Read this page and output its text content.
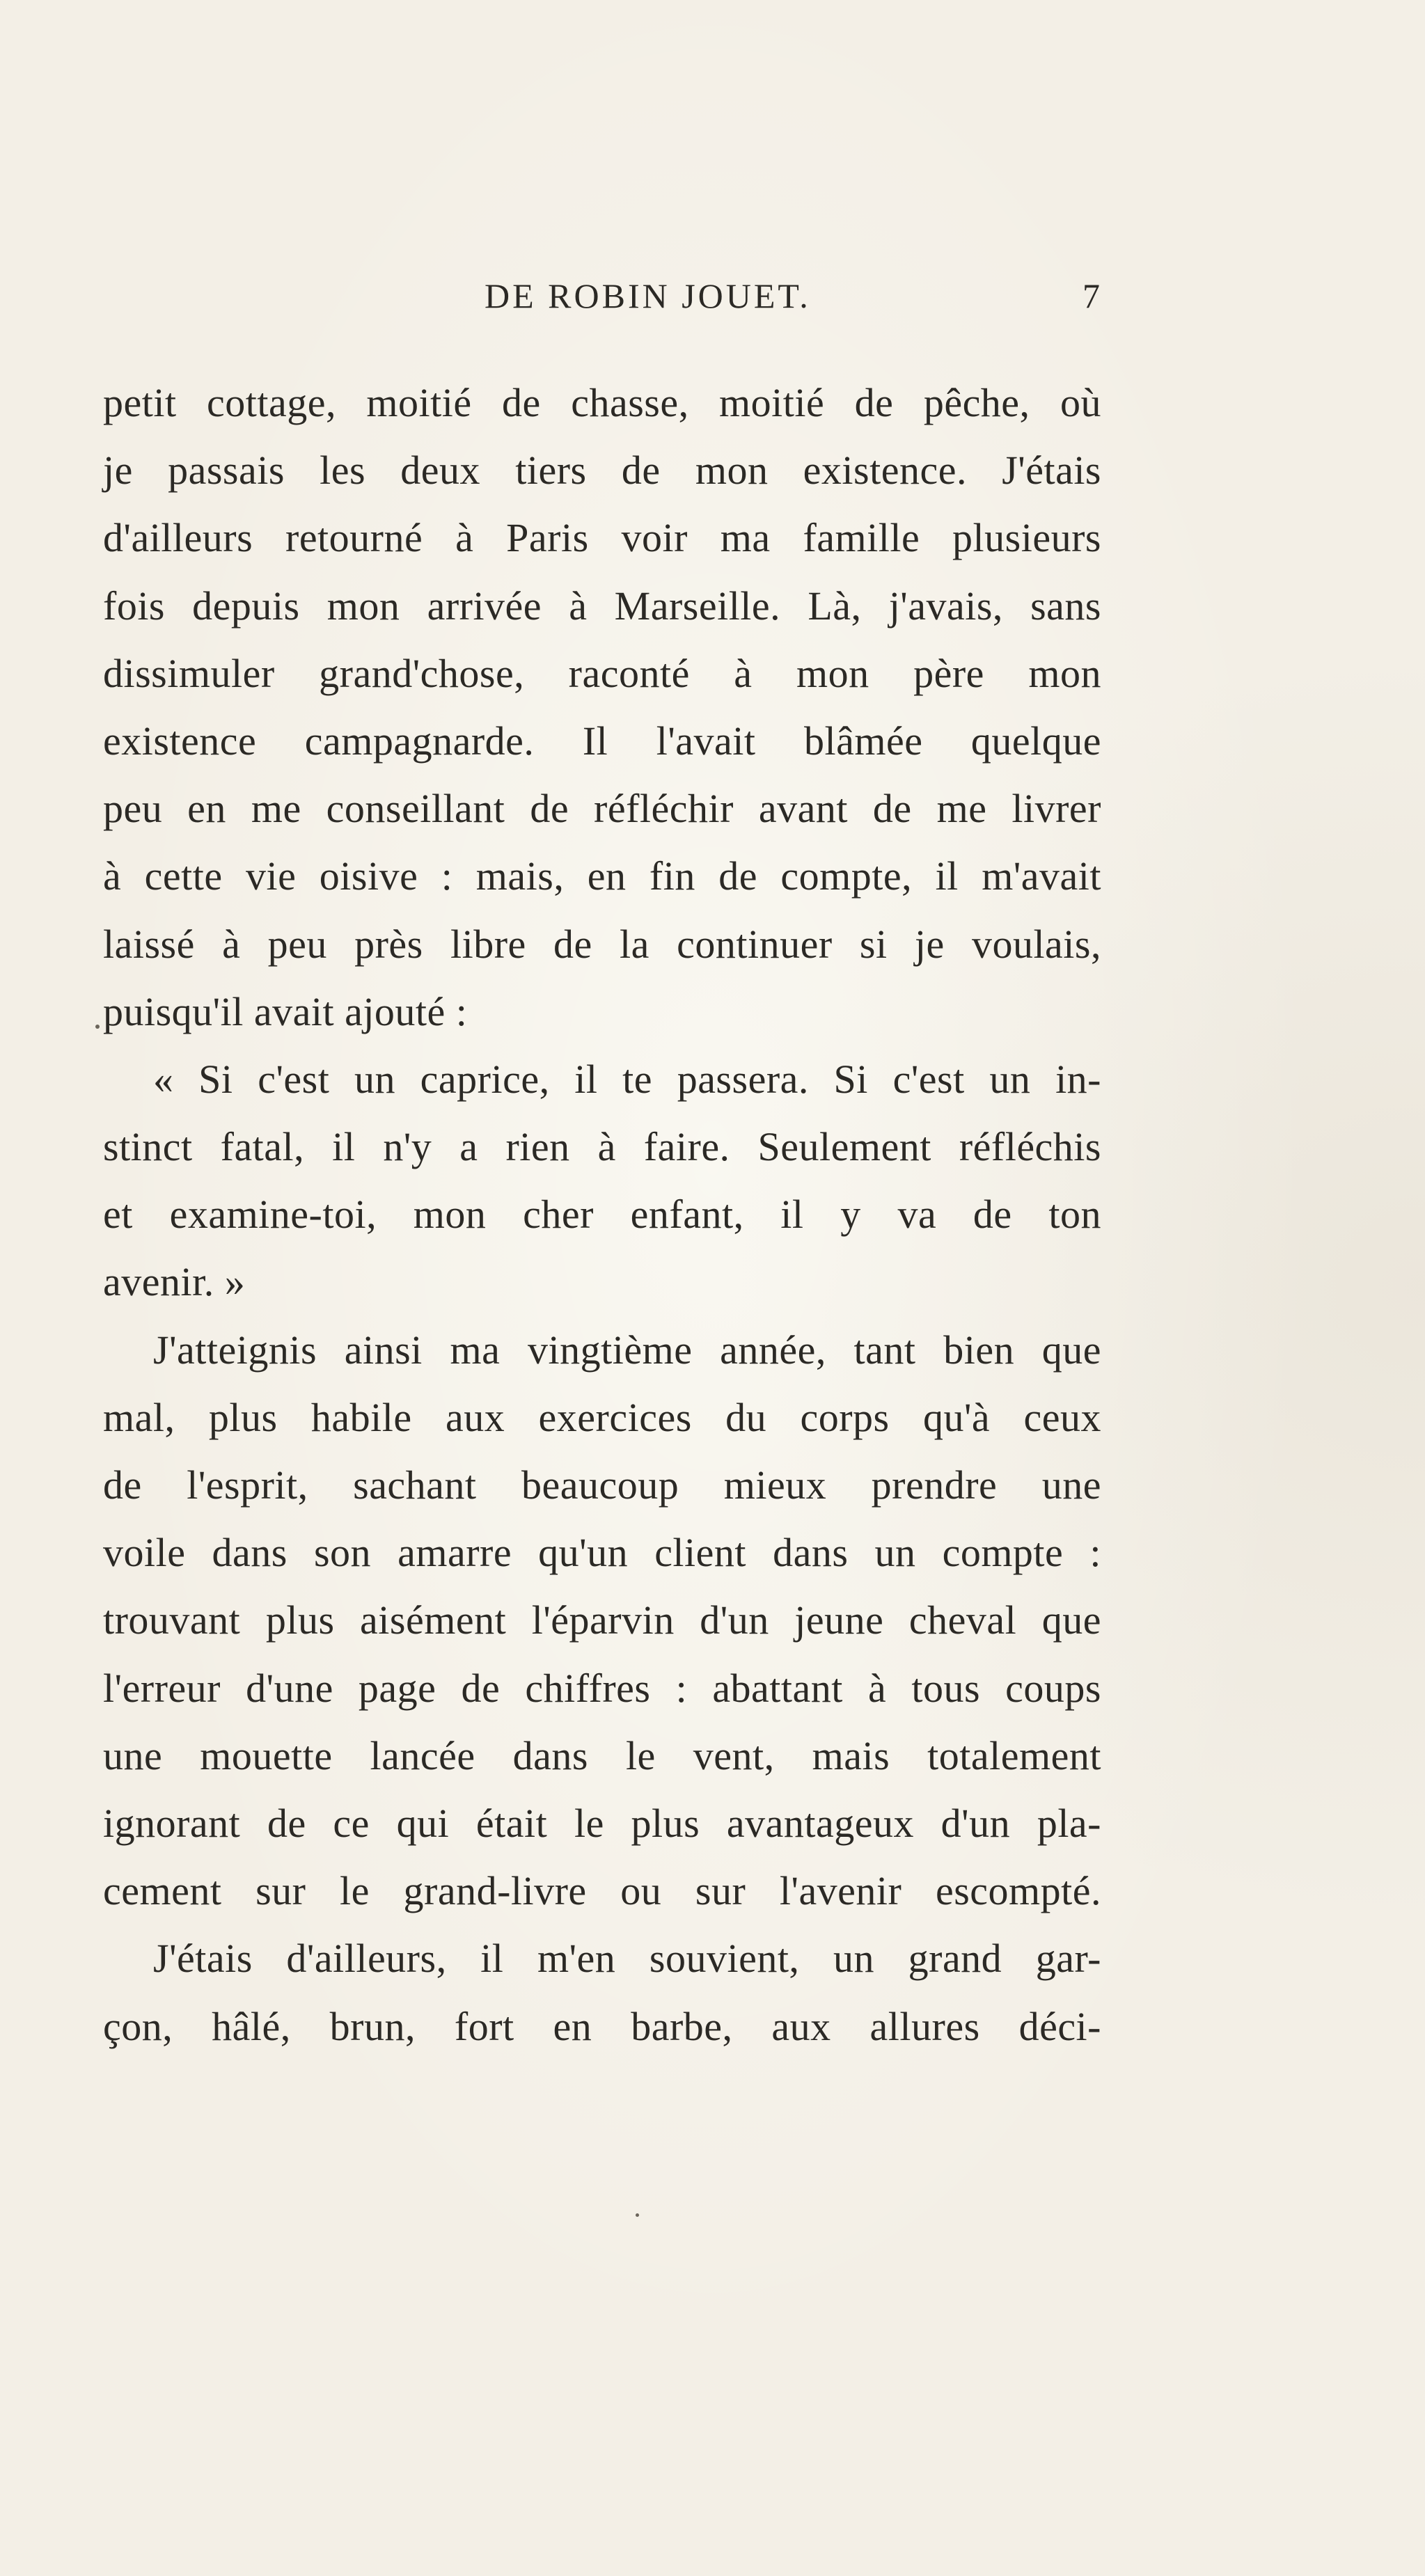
DE ROBIN JOUET.	7
petit cottage, moitié de chasse, moitié de pêche, où
je passais les deux tiers de mon existence. J'étais
d'ailleurs retourné à Paris voir ma famille plusieurs
fois depuis mon arrivée à Marseille. Là, j'avais, sans
dissimuler grand'chose, raconté à mon père mon
existence campagnarde. Il l'avait blâmée quelque
peu en me conseillant de réfléchir avant de me livrer
à cette vie oisive : mais, en fin de compte, il m'avait
laissé à peu près libre de la continuer si je voulais,
puisqu'il avait ajouté :
« Si c'est un caprice, il te passera. Si c'est un in-
stinct fatal, il n'y a rien à faire. Seulement réfléchis
et examine-toi, mon cher enfant, il y va de ton
avenir. »
J'atteignis ainsi ma vingtième année, tant bien que
mal, plus habile aux exercices du corps qu'à ceux
de l'esprit, sachant beaucoup mieux prendre une
voile dans son amarre qu'un client dans un compte :
trouvant plus aisément l'éparvin d'un jeune cheval que
l'erreur d'une page de chiffres : abattant à tous coups
une mouette lancée dans le vent, mais totalement
ignorant de ce qui était le plus avantageux d'un pla-
cement sur le grand-livre ou sur l'avenir escompté.
J'étais d'ailleurs, il m'en souvient, un grand gar-
çon, hâlé, brun, fort en barbe, aux allures déci-
